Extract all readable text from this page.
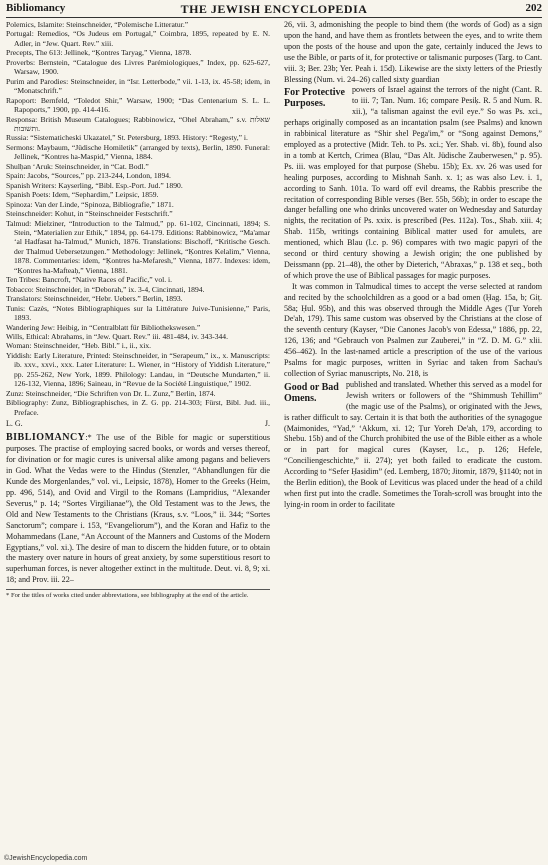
Bibliomancy	THE JEWISH ENCYCLOPEDIA	202

Polemics, Islamite: Steinschneider, “Polemische Litteratur.”

Portugal: Remedios, “Os Judeus em Portugal,” Coimbra, 1895, repeated by E. N. Adler, in “Jew. Quart. Rev.” xiii.

Precepts, The 613: Jellinek, “Ḳontres Taryag,” Vienna, 1878.

Proverbs: Bernstein, “Catalogue des Livres Parémiologiques,” Index, pp. 625-627, Warsaw, 1900.

Purim and Parodies: Steinschneider, in “Isr. Letterbode,” vii. 1-13, ix. 45-58; idem, in “Monatschrift.”

Rapoport: Bernfeld, “Toledot Shir,” Warsaw, 1900; “Das Centenarium S. L. L. Rapoports,” 1900, pp. 414-416.

Responsa: British Museum Catalogues; Rabbinowicz, “Ohel Abraham,” s.v. שאלות ותשובות.

Russia: “Sistematicheski Ukazatel,” St. Petersburg, 1893. History: “Regesty,” i.

Sermons: Maybaum, “Jüdische Homiletik” (arranged by texts), Berlin, 1890. Funeral: Jellinek, “Kontres ha-Maspid,” Vienna, 1884.

Shulḥan ‘Aruk: Steinschneider, in “Cat. Bodl.”

Spain: Jacobs, “Sources,” pp. 213-244, London, 1894.

Spanish Writers: Kayserling, “Bibl. Esp.-Port. Jud.” 1890.

Spanish Poets: Idem, “Sephardim,” Leipsic, 1859.

Spinoza: Van der Linde, “Spinoza, Bibliografie,” 1871.

Steinschneider: Kohut, in “Steinschneider Festschrift.”

Talmud: Mielziner, “Introduction to the Talmud,” pp. 61-102, Cincinnati, 1894; S. Stein, “Materialien zur Ethik,” 1894, pp. 64-179. Editions: Rabbinowicz, “Ma'amar ‘al Hadfasat ha-Talmud,” Munich, 1876. Translations: Bischoff, “Kritische Gesch. der Thalmud Uebersetzungen.” Methodology: Jellinek, “Ḳontres Kelalim,” Vienna, 1878. Commentaries: idem, “Ḳontres ha-Mefaresh,” Vienna, 1877. Indexes: idem, “Ḳontres ha-Mafteaḥ,” Vienna, 1881.

Ten Tribes: Bancroft, “Native Races of Pacific,” vol. i.

Tobacco: Steinschneider, in “Deborah,” ix. 3-4, Cincinnati, 1894.

Translators: Steinschneider, “Hebr. Uebers.” Berlin, 1893.

Tunis: Cazès, “Notes Bibliographiques sur la Littérature Juive-Tunisienne,” Paris, 1893.

Wandering Jew: Heibig, in “Centralblatt für Bibliothekswesen.”

Wills, Ethical: Abrahams, in “Jew. Quart. Rev.” iii. 481-484, iv. 343-344.

Woman: Steinschneider, “Heb. Bibl.” i., ii., xix.

Yiddish: Early Literature, Printed: Steinschneider, in “Serapeum,” ix., x. Manuscripts: ib. xxv., xxvi., xxx. Later Literature: L. Wiener, in “History of Yiddish Literature,” pp. 255-262, New York, 1899. Philology: Landau, in “Deutsche Mundarten,” ii. 126-132, Vienna, 1896; Saineau, in “Revue de la Société Linguistique,” 1902.

Zunz: Steinschneider, “Die Schriften von Dr. L. Zunz,” Berlin, 1874.

Bibliography: Zunz, Bibliographisches, in Z. G. pp. 214-303; Fürst, Bibl. Jud. iii., Preface.

L. G.	J.
BIBLIOMANCY:* The use of the Bible for magic or superstitious purposes. The practise of employing sacred books, or words and verses thereof, for divination or for magic cures is universal alike among pagans and believers in God. What the Vedas were to the Hindus (Stenzler, “Abhandlungen für die Kunde des Morgenlandes,” vol. vi., Leipsic, 1878), Homer to the Greeks (Heim, pp. 496, 514), and Ovid and Virgil to the Romans (Lampridius, “Alexander Severus,” p. 14; “Sortes Virgilianae”), the Old Testament was to the Jews, the Old and New Testaments to the Christians (Kraus, s.v. “Loos,” ii. 344; “Sortes Sanctorum”; compare i. 153, “Evangeliorum”), and the Koran and Hafiz to the Mohammedans (Lane, “An Account of the Manners and Customs of the Modern Egyptians,” vol. xi.). The desire of man to discern the hidden future, or to obtain the mastery over nature in hours of great anxiety, by some superstitious resort to superhuman forces, is never altogether extinct in the multitude. Deut. vi. 8, 9; xi. 18; and Prov. iii. 22–
* For the titles of works cited under abbreviations, see bibliography at the end of the article.

26, vii. 3, admonishing the people to bind them (the words of God) as a sign upon the hand, and have them as frontlets between the eyes, and to write them upon the posts of the house and upon the gate, certainly induced the Jews to use the Bible, or parts of it, for protective or talismanic purposes (Targ. to Cant. viii. 3; Ber. 23b; Yer. Peah i. 15d). Likewise are the sixty letters of the Priestly Blessing (Num. vi. 24–26) called sixty guardian

For Protective Purposes.

powers of Israel against the terrors of the night (Cant. R. to iii. 7; Tan. Num. 16; compare Pesiḳ. R. 5 and Num. R. xii.), “a talisman against the evil eye.” So was Ps. xci., perhaps originally composed as an incantation psalm (see Psalms) and known in rabbinical literature as “Shir shel Pega'im,” or “Song against Demons,” employed as a protective (Midr. Teh. to Ps. xci.; Yer. Shab. vi. 8b), found also in a tomb at Kertch, Crimea (Blau, “Das Alt. Jüdische Zauberwesen,” p. 95). Ps. iii. was employed for that purpose (Shebu. 15b); Ex. xv. 26 was used for healing purposes, according to Mishnah Sanh. x. 1; as was also Lev. i. 1, according to Sanh. 101a. To ward off evil dreams, the Rabbis prescribe the recitation of corresponding Bible verses (Ber. 55b, 56b); in order to escape the danger befalling one who drinks uncovered water on Wednesday and Saturday nights, the recitation of Ps. xxix. is prescribed (Pes. 112a). Tos., Shab. xiii. 4; Shab. 115b, writings containing Biblical matter used for amulets, are mentioned, which Blau (l.c. p. 96) compares with two magic papyri of the second or third century showing a Jewish origin; the one published by Deissmann (pp. 21–48), the other by Dieterich, “Abraxas,” p. 138 et seq., both of which prove the use of Biblical passages for magic purposes.

It was common in Talmudical times to accept the verse selected at random and recited by the schoolchildren as a good or a bad omen (Ḥag. 15a, b; Giṭ. 58a; Ḥul. 95b), and this was observed through the Middle Ages (Ṭur Yoreh De'ah, 179). This same custom was observed by the Christians at the close of the seventh century (Kayser, “Die Canones Jacob's von Edessa,” 1886, pp. 22, 126, 136; and “Gebrauch von Psalmen zur Zauberei,” in “Z. D. M. G.” xlii. 456–462). In the last-named article a prescription of the use of the various Psalms for magic purposes, written in Syriac and taken from Sachau's collection of Syriac manuscripts, No. 218, is

Good or Bad Omens.

published and translated. Whether this served as a model for Jewish writers or followers of the “Shimmush Tehillim” (the magic use of the Psalms), or originated with the Jews, is rather difficult to say. Certain it is that both the authorities of the synagogue (Maimonides, “Yad,” ‘Akkum, xi. 12; Ṭur Yoreh De'ah, 179, according to Shebu. 15b) and of the Church prohibited the use of the Bible either as a whole or in part for magical cures (Kayser, l.c., p. 126; Hefele, “Conciliengeschichte,” ii. 274); yet both failed to eradicate the custom. According to “Sefer Ḥasidim” (ed. Lemberg, 1870; Jitomir, 1879, §1140; not in the Berlin edition), the Book of Leviticus was placed under the head of a child when first put into the cradle. Sometimes the Torah-scroll was brought into the lying-in room in order to facilitate

©JewishEncyclopedia.com
